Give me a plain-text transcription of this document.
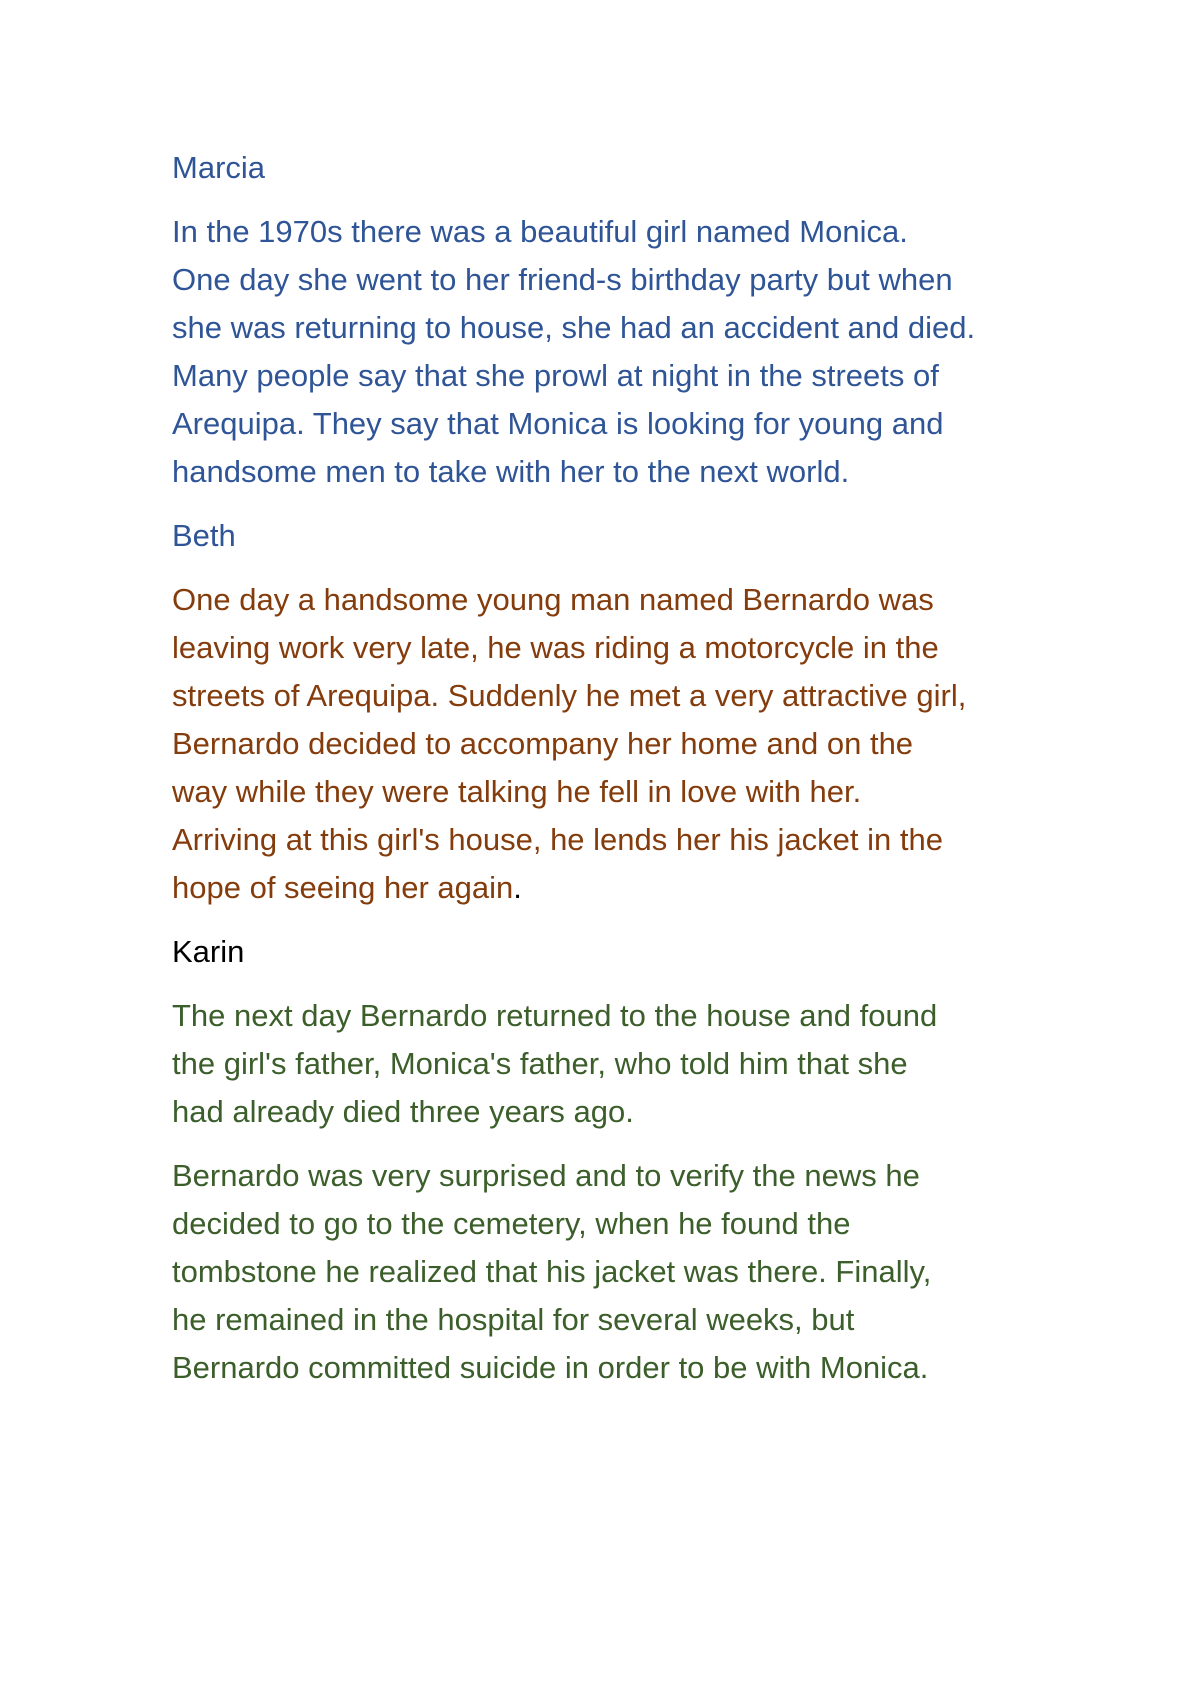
Marcia
In the 1970s there was a beautiful girl named Monica.
One day she went to her friend-s birthday party but when
she was returning to house, she had an accident and died.
Many people say that she prowl at night in the streets of
Arequipa. They say that Monica is looking for young and
handsome men to take with her to the next world.
Beth
One day a handsome young man named Bernardo was
leaving work very late, he was riding a motorcycle in the
streets of Arequipa. Suddenly he met a very attractive girl,
Bernardo decided to accompany her home and on the
way while they were talking he fell in love with her.
Arriving at this girl's house, he lends her his jacket in the
hope of seeing her again.
Karin
The next day Bernardo returned to the house and found
the girl's father, Monica's father, who told him that she
had already died three years ago.
Bernardo was very surprised and to verify the news he
decided to go to the cemetery, when he found the
tombstone he realized that his jacket was there. Finally,
he remained in the hospital for several weeks, but
Bernardo committed suicide in order to be with Monica.
